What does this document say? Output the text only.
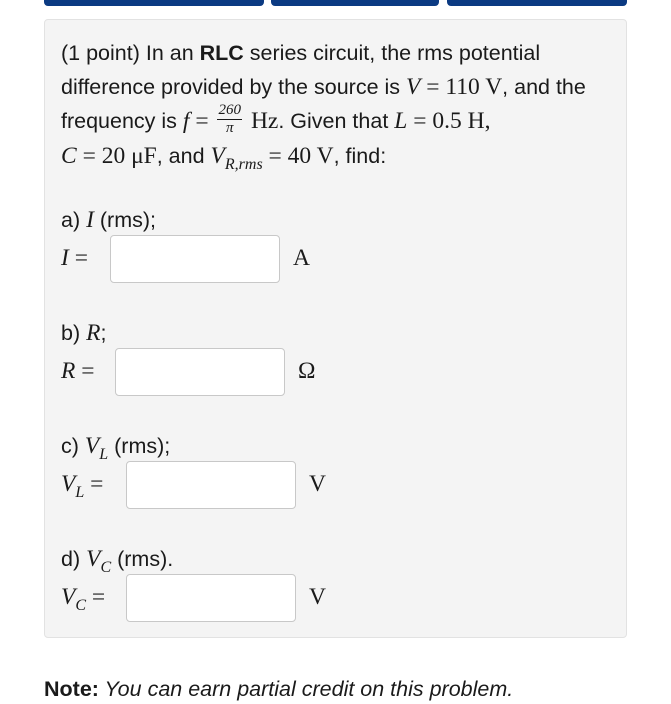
(1 point) In an RLC series circuit, the rms potential difference provided by the source is V = 110 V, and the frequency is $f = \frac{260}{\pi} Hz$. Given that L = 0.5 H,
C = 20 μF, and $V_{R,rms} = 40$ V, find:
a) I (rms);
I =	A
b) R;
R =	Ω
c) $V_L$ (rms);
$V_L$ =	V
d) $V_C$ (rms).
$V_C$ =	V
Note: You can earn partial credit on this problem.
